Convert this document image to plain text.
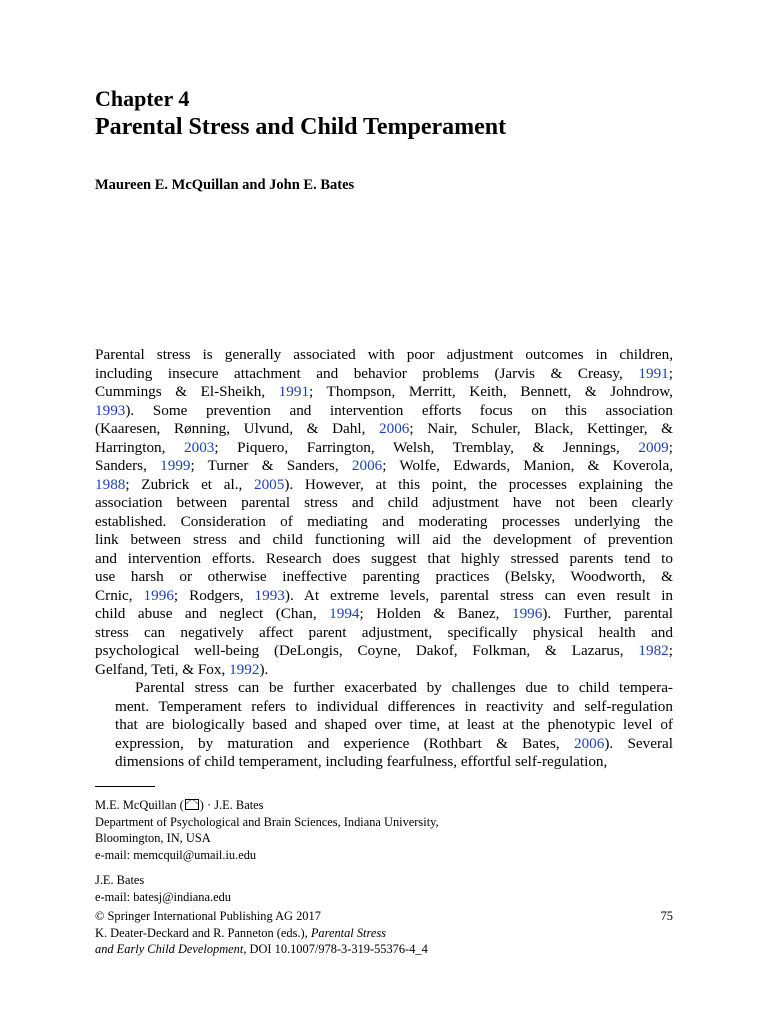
Chapter 4
Parental Stress and Child Temperament
Maureen E. McQuillan and John E. Bates
Parental stress is generally associated with poor adjustment outcomes in children,
including insecure attachment and behavior problems (Jarvis & Creasy, 1991;
Cummings & El-Sheikh, 1991; Thompson, Merritt, Keith, Bennett, & Johndrow,
1993). Some prevention and intervention efforts focus on this association
(Kaaresen, Rønning, Ulvund, & Dahl, 2006; Nair, Schuler, Black, Kettinger, &
Harrington, 2003; Piquero, Farrington, Welsh, Tremblay, & Jennings, 2009;
Sanders, 1999; Turner & Sanders, 2006; Wolfe, Edwards, Manion, & Koverola,
1988; Zubrick et al., 2005). However, at this point, the processes explaining the
association between parental stress and child adjustment have not been clearly
established. Consideration of mediating and moderating processes underlying the
link between stress and child functioning will aid the development of prevention
and intervention efforts. Research does suggest that highly stressed parents tend to
use harsh or otherwise ineffective parenting practices (Belsky, Woodworth, &
Crnic, 1996; Rodgers, 1993). At extreme levels, parental stress can even result in
child abuse and neglect (Chan, 1994; Holden & Banez, 1996). Further, parental
stress can negatively affect parent adjustment, specifically physical health and
psychological well-being (DeLongis, Coyne, Dakof, Folkman, & Lazarus, 1982;
Gelfand, Teti, & Fox, 1992).
Parental stress can be further exacerbated by challenges due to child tempera-
ment. Temperament refers to individual differences in reactivity and self-regulation
that are biologically based and shaped over time, at least at the phenotypic level of
expression, by maturation and experience (Rothbart & Bates, 2006). Several
dimensions of child temperament, including fearfulness, effortful self-regulation,
M.E. McQuillan ( ) · J.E. Bates
Department of Psychological and Brain Sciences, Indiana University,
Bloomington, IN, USA
e-mail: memcquil@umail.iu.edu
J.E. Bates
e-mail: batesj@indiana.edu
© Springer International Publishing AG 2017
K. Deater-Deckard and R. Panneton (eds.), Parental Stress
and Early Child Development, DOI 10.1007/978-3-319-55376-4_4
75
